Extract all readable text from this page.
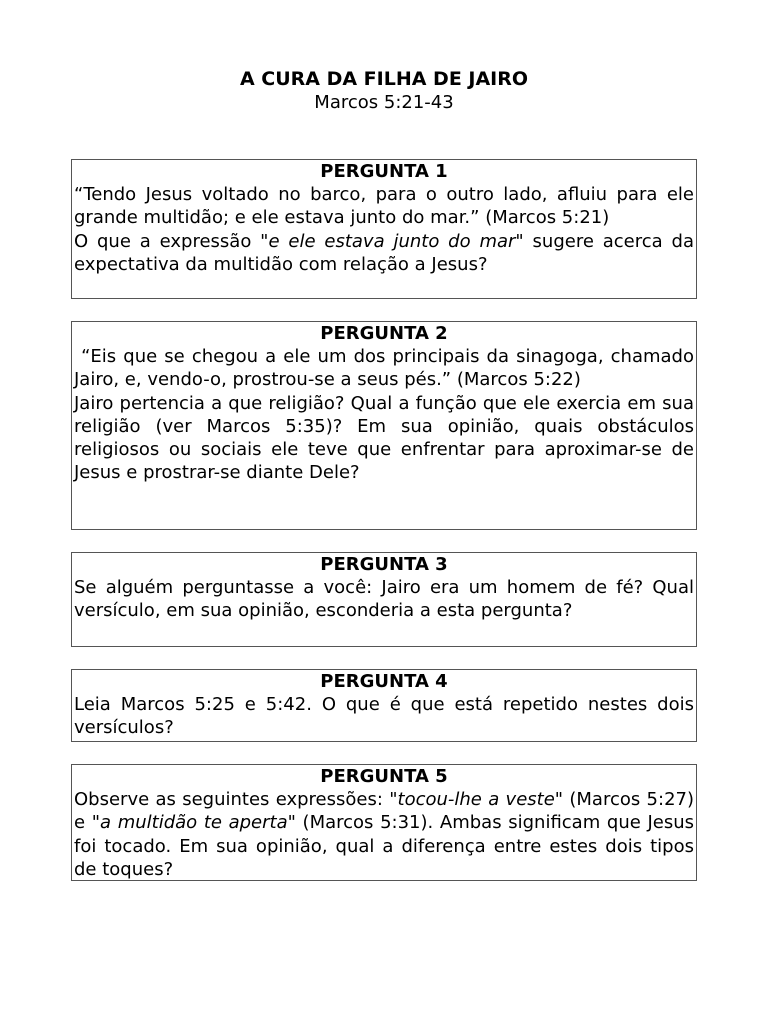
A CURA DA FILHA DE JAIRO
Marcos 5:21-43
PERGUNTA 1

“Tendo Jesus voltado no barco, para o outro lado, afluiu para ele grande multidão; e ele estava junto do mar.” (Marcos 5:21)

O que a expressão "e ele estava junto do mar" sugere acerca da expectativa da multidão com relação a Jesus?

PERGUNTA 2

“Eis que se chegou a ele um dos principais da sinagoga, chamado Jairo, e, vendo-o, prostrou-se a seus pés.” (Marcos 5:22)

Jairo pertencia a que religião? Qual a função que ele exercia em sua religião (ver Marcos 5:35)? Em sua opinião, quais obstáculos religiosos ou sociais ele teve que enfrentar para aproximar-se de Jesus e prostrar-se diante Dele?

PERGUNTA 3

Se alguém perguntasse a você: Jairo era um homem de fé? Qual versículo, em sua opinião, esconderia a esta pergunta?

PERGUNTA 4

Leia Marcos 5:25 e 5:42. O que é que está repetido nestes dois versículos?

PERGUNTA 5

Observe as seguintes expressões: "tocou-lhe a veste" (Marcos 5:27) e "a multidão te aperta" (Marcos 5:31). Ambas significam que Jesus foi tocado. Em sua opinião, qual a diferença entre estes dois tipos de toques?
